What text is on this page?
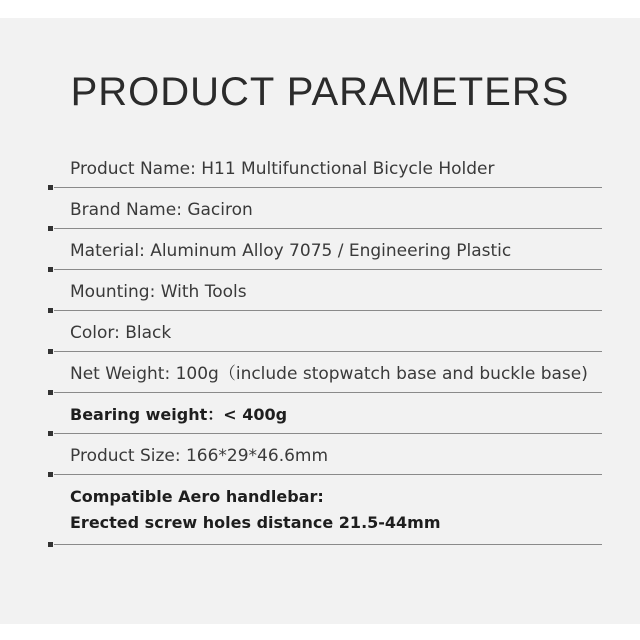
PRODUCT PARAMETERS
Product Name: H11 Multifunctional Bicycle Holder
Brand Name: Gaciron
Material: Aluminum Alloy 7075 / Engineering Plastic
Mounting: With Tools
Color: Black
Net Weight: 100g（include stopwatch base and buckle base)
Bearing weight：< 400g
Product Size: 166*29*46.6mm
Compatible Aero handlebar:
Erected screw holes distance 21.5-44mm
